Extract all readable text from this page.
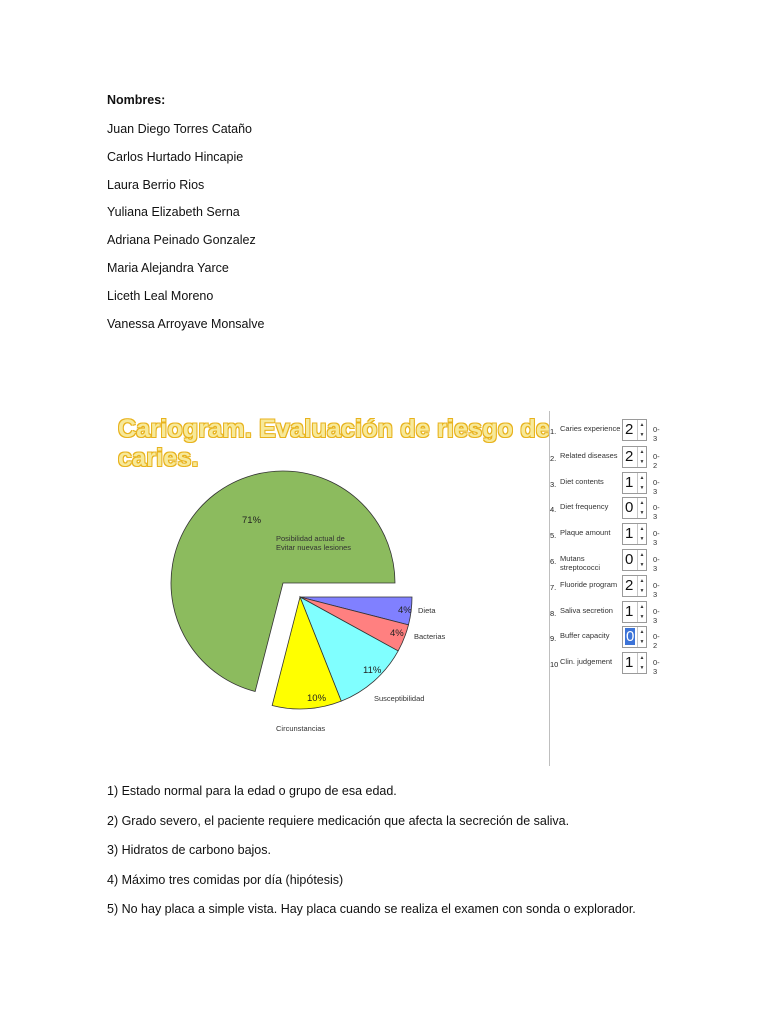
Nombres:
Juan Diego Torres Cataño
Carlos Hurtado Hincapie
Laura Berrio Rios
Yuliana Elizabeth Serna
Adriana Peinado Gonzalez
Maria Alejandra Yarce
Liceth Leal Moreno
Vanessa Arroyave Monsalve
Cariogram. Evaluación de riesgo de caries.
4% Dieta
4% Bacterias
11%
Susceptibilidad
10%
Circunstancias
71%
Posibilidad actual de Evitar nuevas lesiones
1. Caries experience 2	▲
▼
0-3
2. Related diseases 2	▲
▼
0-2
3. Diet contents	1	▲
▼
0-3
4. Diet frequency	0	▲
▼
0-3
5. Plaque amount 1	▲
▼
0-3
6. Mutans streptococci	0	▲
▼
0-3
7. Fluoride program 2	▲
▼
0-3
8. Saliva secretion 1	▲
▼
0-3
9. Buffer capacity	0	▲
▼
0-2
10 Clin. judgement 1	▲
▼
0-3
1) Estado normal para la edad o grupo de esa edad.
2) Grado severo, el paciente requiere medicación que afecta la secreción de saliva.
3) Hidratos de carbono bajos.
4) Máximo tres comidas por día (hipótesis)
5) No hay placa a simple vista. Hay placa cuando se realiza el examen con sonda o explorador.
